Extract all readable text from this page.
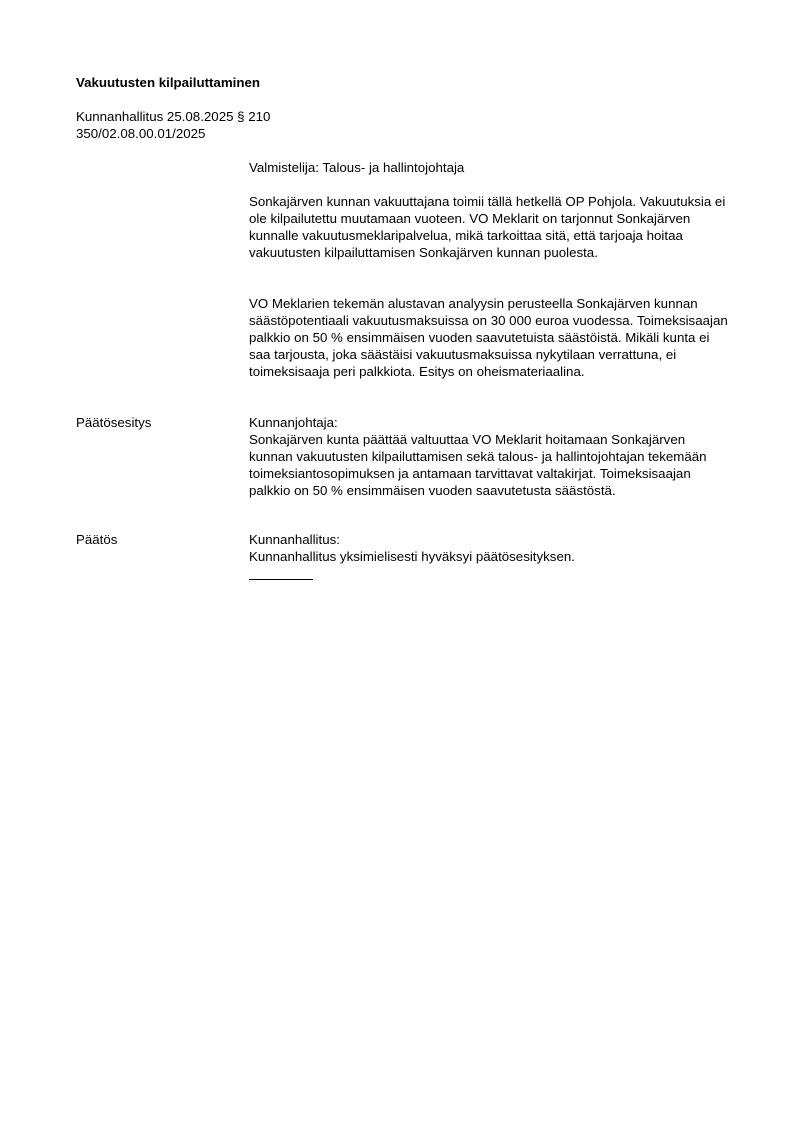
Vakuutusten kilpailuttaminen
Kunnanhallitus 25.08.2025 § 210
350/02.08.00.01/2025
Valmistelija: Talous- ja hallintojohtaja

Sonkajärven kunnan vakuuttajana toimii tällä hetkellä OP Pohjola. Vakuutuksia ei ole kilpailutettu muutamaan vuoteen. VO Meklarit on tarjonnut Sonkajärven kunnalle vakuutusmeklaripalvelua, mikä tarkoittaa sitä, että tarjoaja hoitaa vakuutusten kilpailuttamisen Sonkajärven kunnan puolesta.

VO Meklarien tekemän alustavan analyysin perusteella Sonkajärven kunnan säästöpotentiaali vakuutusmaksuissa on 30 000 euroa vuodessa. Toimeksisaajan palkkio on 50 % ensimmäisen vuoden saavutetuista säästöistä. Mikäli kunta ei saa tarjousta, joka säästäisi vakuutusmaksuissa nykytilaan verrattuna, ei toimeksisaaja peri palkkiota. Esitys on oheismateriaalina.

Päätösesitys	Kunnanjohtaja:

Sonkajärven kunta päättää valtuuttaa VO Meklarit hoitamaan Sonkajärven kunnan vakuutusten kilpailuttamisen sekä talous- ja hallintojohtajan tekemään toimeksiantosopimuksen ja antamaan tarvittavat valtakirjat. Toimeksisaajan palkkio on 50 % ensimmäisen vuoden saavutetusta säästöstä.

Päätös	Kunnanhallitus:

Kunnanhallitus yksimielisesti hyväksyi päätösesityksen.
